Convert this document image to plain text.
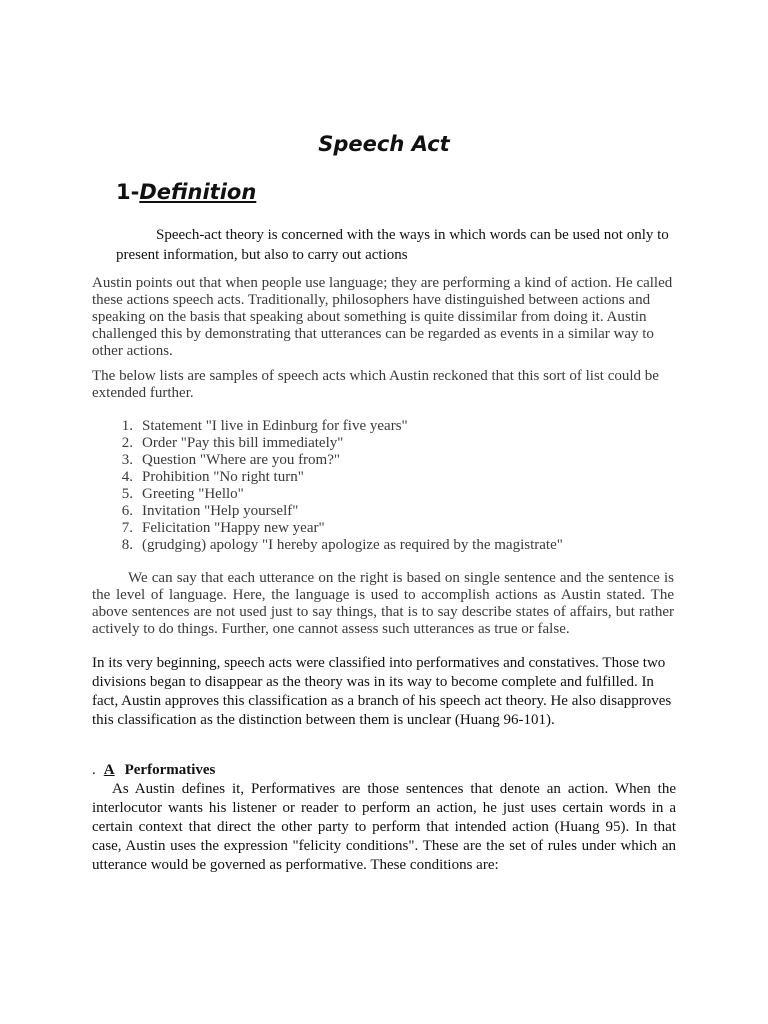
Speech Act
1-Definition

Speech-act theory is concerned with the ways in which words can be used not only to present information, but also to carry out actions

Austin points out that when people use language; they are performing a kind of action. He called these actions speech acts. Traditionally, philosophers have distinguished between actions and speaking on the basis that speaking about something is quite dissimilar from doing it. Austin challenged this by demonstrating that utterances can be regarded as events in a similar way to other actions.

The below lists are samples of speech acts which Austin reckoned that this sort of list could be extended further.

1. Statement "I live in Edinburg for five years"
2. Order "Pay this bill immediately"
3. Question "Where are you from?"
4. Prohibition "No right turn"
5. Greeting "Hello"
6. Invitation "Help yourself"
7. Felicitation "Happy new year"
8. (grudging) apology "I hereby apologize as required by the magistrate"

We can say that each utterance on the right is based on single sentence and the sentence is the level of language. Here, the language is used to accomplish actions as Austin stated. The above sentences are not used just to say things, that is to say describe states of affairs, but rather actively to do things. Further, one cannot assess such utterances as true or false.

In its very beginning, speech acts were classified into performatives and constatives. Those two divisions began to disappear as the theory was in its way to become complete and fulfilled. In fact, Austin approves this classification as a branch of his speech act theory. He also disapproves this classification as the distinction between them is unclear (Huang 96-101).

. A Performatives

As Austin defines it, Performatives are those sentences that denote an action. When the interlocutor wants his listener or reader to perform an action, he just uses certain words in a certain context that direct the other party to perform that intended action (Huang 95). In that case, Austin uses the expression "felicity conditions". These are the set of rules under which an utterance would be governed as performative. These conditions are:
